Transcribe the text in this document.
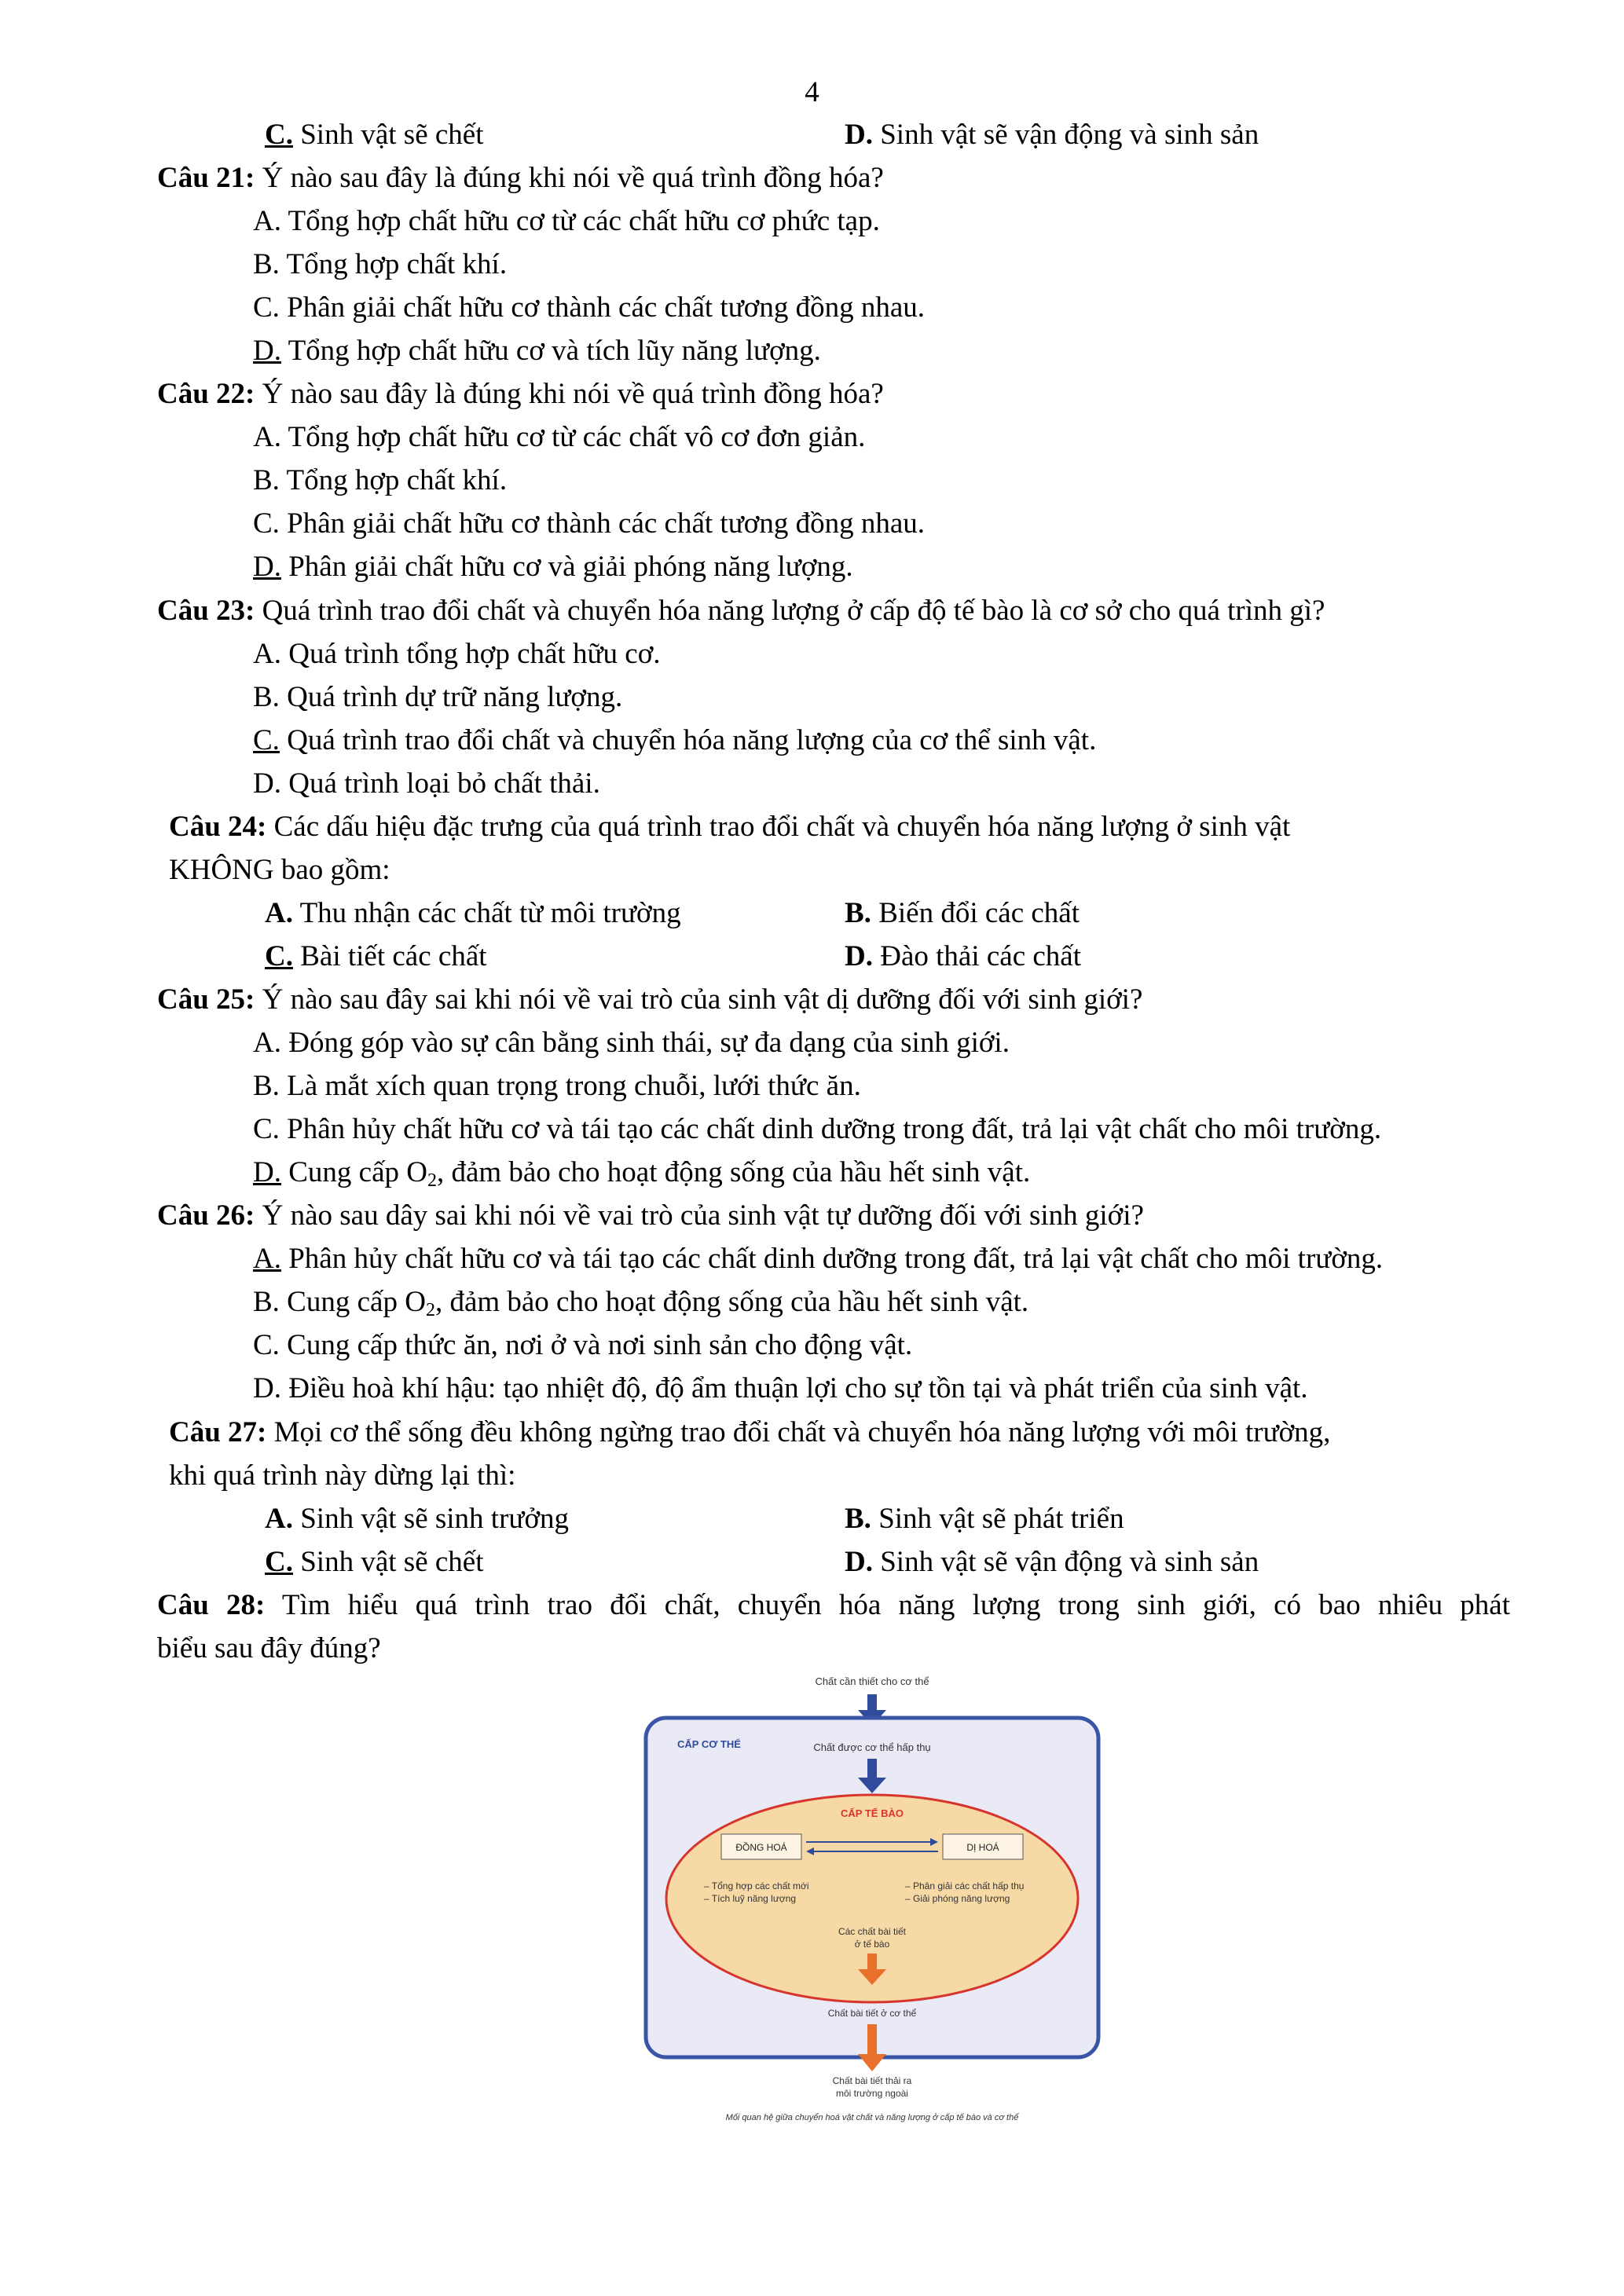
4
C. Sinh vật sẽ chết	D. Sinh vật sẽ vận động và sinh sản
Câu 21: Ý nào sau đây là đúng khi nói về quá trình đồng hóa?
A. Tổng hợp chất hữu cơ từ các chất hữu cơ phức tạp.
B. Tổng hợp chất khí.
C. Phân giải chất hữu cơ thành các chất tương đồng nhau.
D. Tổng hợp chất hữu cơ và tích lũy năng lượng.
Câu 22: Ý nào sau đây là đúng khi nói về quá trình đồng hóa?
A. Tổng hợp chất hữu cơ từ các chất vô cơ đơn giản.
B. Tổng hợp chất khí.
C. Phân giải chất hữu cơ thành các chất tương đồng nhau.
D. Phân giải chất hữu cơ và giải phóng năng lượng.
Câu 23: Quá trình trao đổi chất và chuyển hóa năng lượng ở cấp độ tế bào là cơ sở cho quá trình gì?
A. Quá trình tổng hợp chất hữu cơ.
B. Quá trình dự trữ năng lượng.
C. Quá trình trao đổi chất và chuyển hóa năng lượng của cơ thể sinh vật.
D. Quá trình loại bỏ chất thải.
Câu 24: Các dấu hiệu đặc trưng của quá trình trao đổi chất và chuyển hóa năng lượng ở sinh vật
KHÔNG bao gồm:
A. Thu nhận các chất từ môi trường	B. Biến đổi các chất
C. Bài tiết các chất	D. Đào thải các chất
Câu 25: Ý nào sau đây sai khi nói về vai trò của sinh vật dị dưỡng đối với sinh giới?
A. Đóng góp vào sự cân bằng sinh thái, sự đa dạng của sinh giới.
B. Là mắt xích quan trọng trong chuỗi, lưới thức ăn.
C. Phân hủy chất hữu cơ và tái tạo các chất dinh dưỡng trong đất, trả lại vật chất cho môi trường.
D. Cung cấp $O_2$, đảm bảo cho hoạt động sống của hầu hết sinh vật.
Câu 26: Ý nào sau dây sai khi nói về vai trò của sinh vật tự dưỡng đối với sinh giới?
A. Phân hủy chất hữu cơ và tái tạo các chất dinh dưỡng trong đất, trả lại vật chất cho môi trường.
B. Cung cấp $O_2$, đảm bảo cho hoạt động sống của hầu hết sinh vật.
C. Cung cấp thức ăn, nơi ở và nơi sinh sản cho động vật.
D. Điều hoà khí hậu: tạo nhiệt độ, độ ẩm thuận lợi cho sự tồn tại và phát triển của sinh vật.
Câu 27: Mọi cơ thể sống đều không ngừng trao đổi chất và chuyển hóa năng lượng với môi trường,
khi quá trình này dừng lại thì:
A. Sinh vật sẽ sinh trưởng	B. Sinh vật sẽ phát triển
C. Sinh vật sẽ chết	D. Sinh vật sẽ vận động và sinh sản
Câu 28: Tìm hiểu quá trình trao đổi chất, chuyển hóa năng lượng trong sinh giới, có bao nhiêu phát
biểu sau đây đúng?
Chất cần thiết cho cơ thể
CẤP CƠ THỂ	Chất được cơ thể hấp thụ
CẤP TẾ BÀO
ĐỒNG HOÁ	DỊ HOÁ
– Tổng hợp các chất mới
– Tích luỹ năng lượng
– Phân giải các chất hấp thụ
– Giải phóng năng lượng
Các chất bài tiết
ở tế bào
Chất bài tiết ở cơ thể
Chất bài tiết thải ra
môi trường ngoài
Mối quan hệ giữa chuyển hoá vật chất và năng lượng ở cấp tế bào và cơ thể
